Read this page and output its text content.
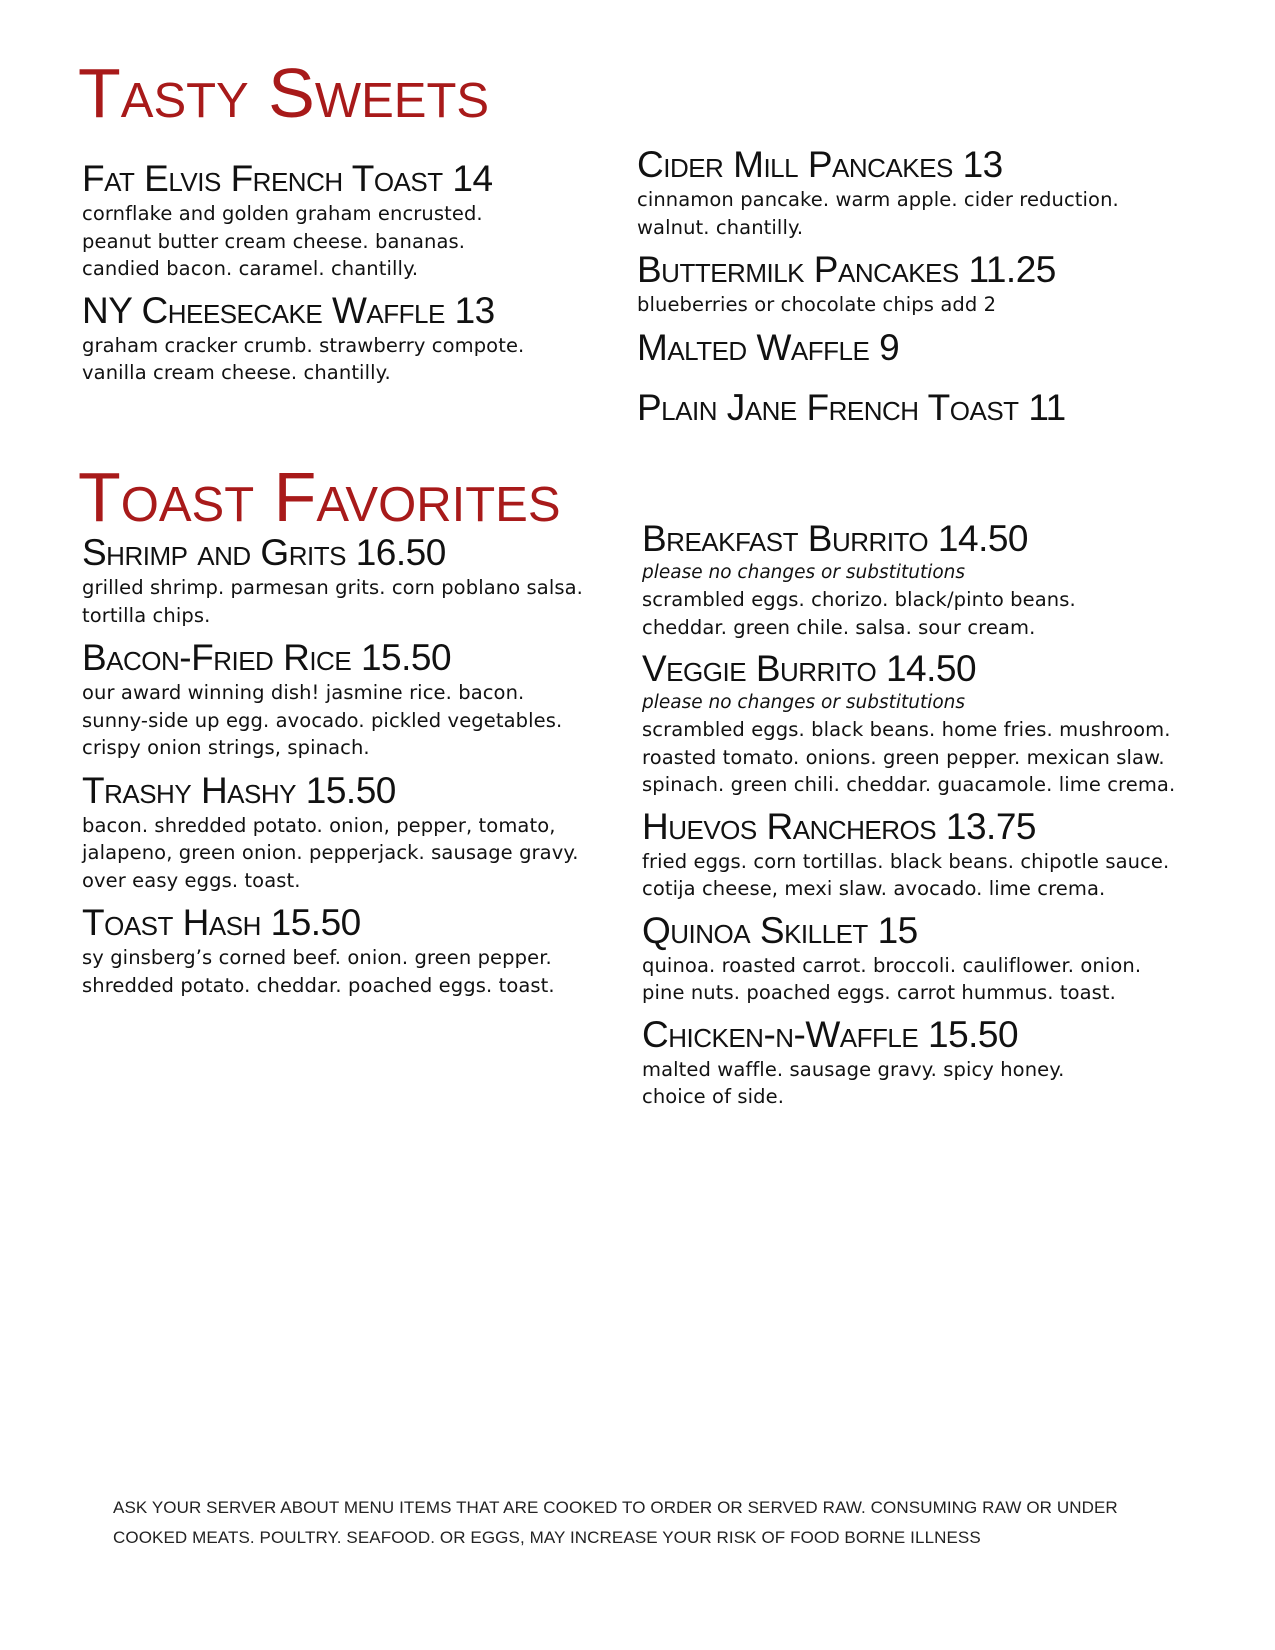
Tasty Sweets
Fat Elvis French Toast 14
cornflake and golden graham encrusted.
peanut butter cream cheese. bananas.
candied bacon. caramel. chantilly.
NY Cheesecake Waffle 13
graham cracker crumb. strawberry compote.
vanilla cream cheese. chantilly.
Cider Mill Pancakes 13
cinnamon pancake. warm apple. cider reduction.
walnut. chantilly.
Buttermilk Pancakes 11.25
blueberries or chocolate chips add 2
Malted Waffle 9
Plain Jane French Toast 11
Toast Favorites
Shrimp and Grits 16.50
grilled shrimp. parmesan grits. corn poblano salsa.
tortilla chips.
Bacon-Fried Rice 15.50
our award winning dish! jasmine rice. bacon.
sunny-side up egg. avocado. pickled vegetables.
crispy onion strings, spinach.
Trashy Hashy 15.50
bacon. shredded potato. onion, pepper, tomato,
jalapeno, green onion. pepperjack. sausage gravy.
over easy eggs. toast.
Toast Hash 15.50
sy ginsberg’s corned beef. onion. green pepper.
shredded potato. cheddar. poached eggs. toast.
Breakfast Burrito 14.50
please no changes or substitutions
scrambled eggs. chorizo. black/pinto beans.
cheddar. green chile. salsa. sour cream.
Veggie Burrito 14.50
please no changes or substitutions
scrambled eggs. black beans. home fries. mushroom.
roasted tomato. onions. green pepper. mexican slaw.
spinach. green chili. cheddar. guacamole. lime crema.
Huevos Rancheros 13.75
fried eggs. corn tortillas. black beans. chipotle sauce.
cotija cheese, mexi slaw. avocado. lime crema.
Quinoa Skillet 15
quinoa. roasted carrot. broccoli. cauliflower. onion.
pine nuts. poached eggs. carrot hummus. toast.
Chicken-n-Waffle 15.50
malted waffle. sausage gravy. spicy honey.
choice of side.
ASK YOUR SERVER ABOUT MENU ITEMS THAT ARE COOKED TO ORDER OR SERVED RAW. CONSUMING RAW OR UNDER
COOKED MEATS. POULTRY. SEAFOOD. OR EGGS, MAY INCREASE YOUR RISK OF FOOD BORNE ILLNESS
